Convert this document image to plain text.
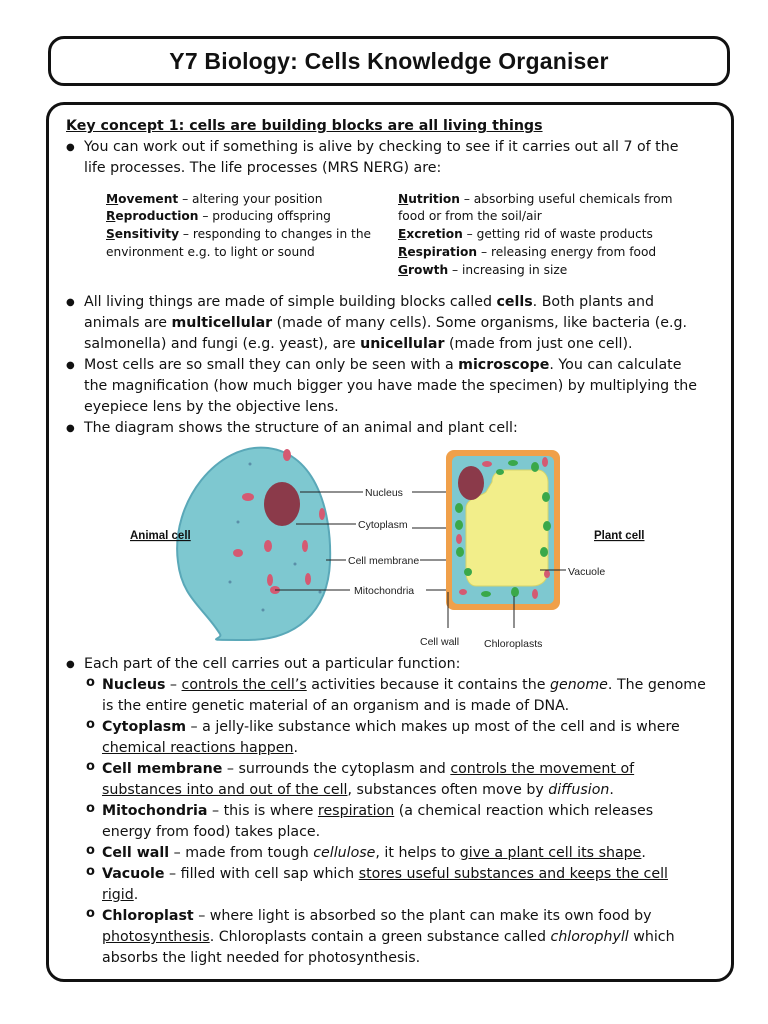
Y7 Biology: Cells Knowledge Organiser
Key concept 1: cells are building blocks are all living things
● You can work out if something is alive by checking to see if it carries out all 7 of the
life processes. The life processes (MRS NERG) are:
Movement – altering your position
Reproduction – producing offspring
Sensitivity – responding to changes in the
environment e.g. to light or sound
Nutrition – absorbing useful chemicals from
food or from the soil/air
Excretion – getting rid of waste products
Respiration – releasing energy from food
Growth – increasing in size
● All living things are made of simple building blocks called cells. Both plants and
animals are multicellular (made of many cells). Some organisms, like bacteria (e.g.
salmonella) and fungi (e.g. yeast), are unicellular (made from just one cell).
● Most cells are so small they can only be seen with a microscope. You can calculate
the magnification (how much bigger you have made the specimen) by multiplying the
eyepiece lens by the objective lens.
● The diagram shows the structure of an animal and plant cell:
Nucleus
Cytoplasm
Cell membrane
Mitochondria
Animal cell
Vacuole
Cell wall Chloroplasts
Plant cell
● Each part of the cell carries out a particular function:
o Nucleus – controls the cell’s activities because it contains the genome. The genome
is the entire genetic material of an organism and is made of DNA.
o Cytoplasm – a jelly-like substance which makes up most of the cell and is where
chemical reactions happen.
o Cell membrane – surrounds the cytoplasm and controls the movement of
substances into and out of the cell, substances often move by diffusion.
o Mitochondria – this is where respiration (a chemical reaction which releases
energy from food) takes place.
o Cell wall – made from tough cellulose, it helps to give a plant cell its shape.
o Vacuole – filled with cell sap which stores useful substances and keeps the cell
rigid.
o Chloroplast – where light is absorbed so the plant can make its own food by
photosynthesis. Chloroplasts contain a green substance called chlorophyll which
absorbs the light needed for photosynthesis.
